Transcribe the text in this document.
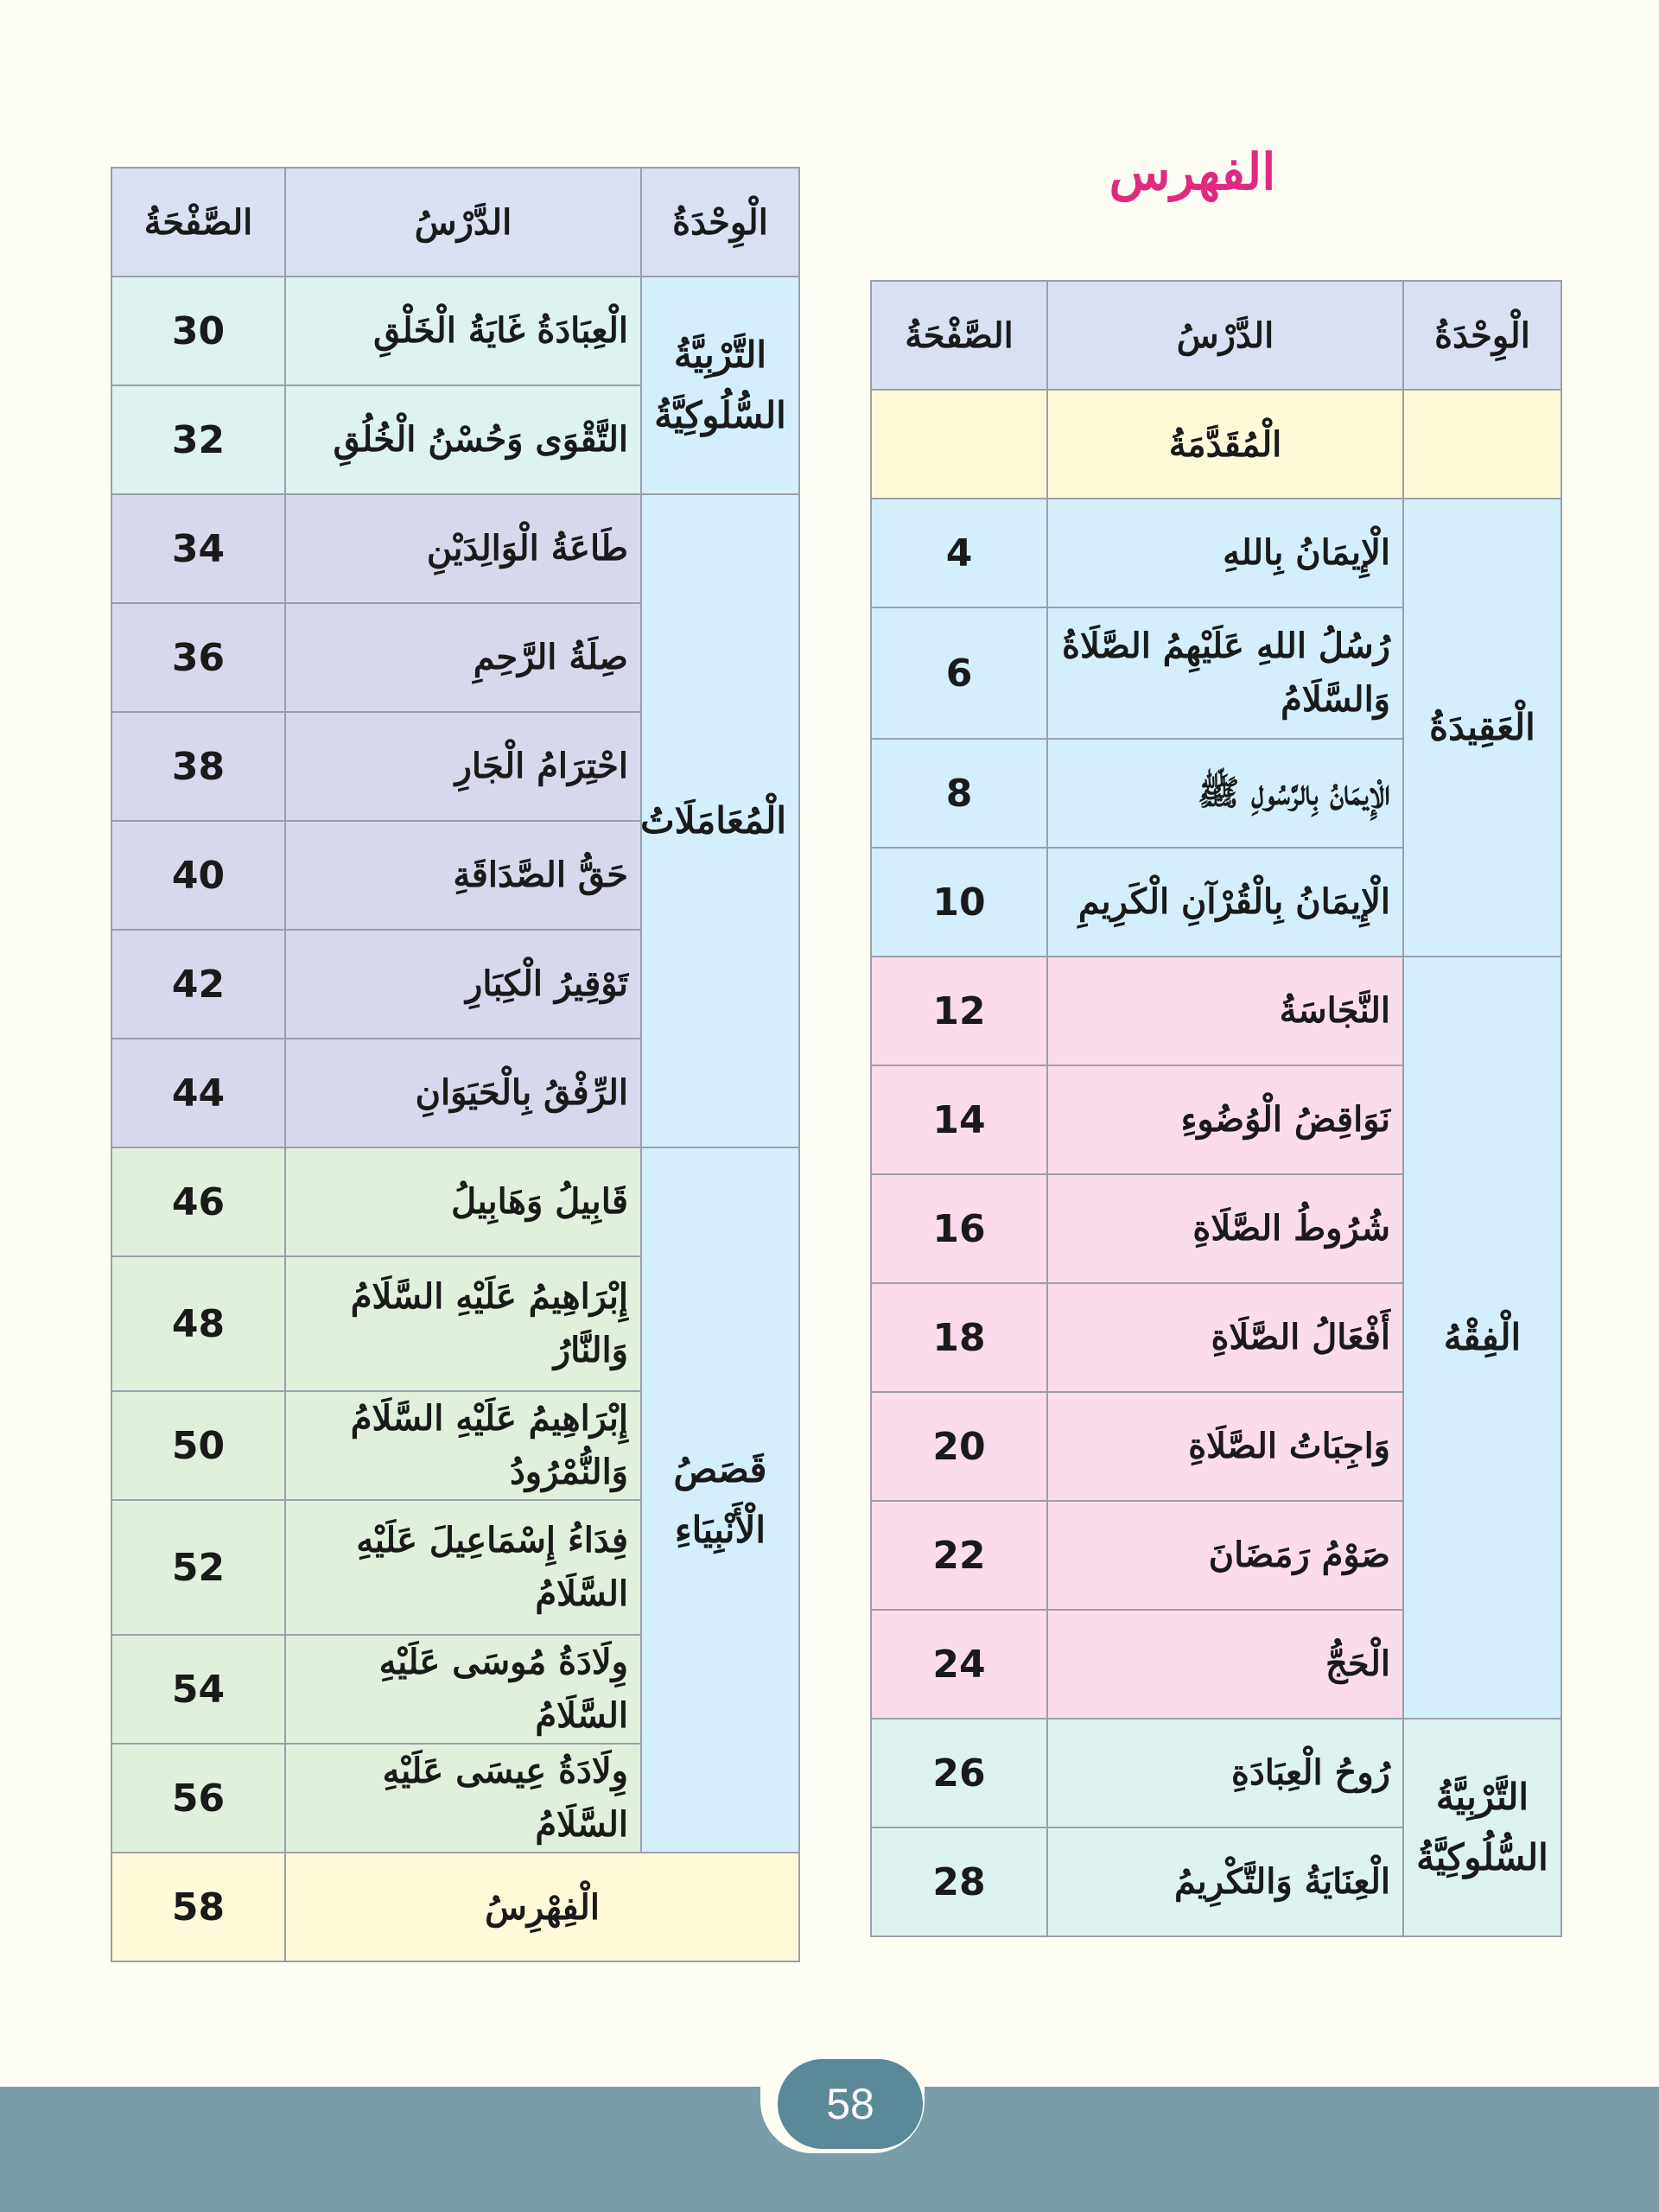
الفهرس
الْوِحْدَةُ	الدَّرْسُ	الصَّفْحَةُ
	الْمُقَدَّمَةُ	
الْعَقِيدَةُ	الْإِيمَانُ بِاللهِ	4
	رُسُلُ اللهِ عَلَيْهِمُ الصَّلَاةُ وَالسَّلَامُ	6
	الْإِيمَانُ بِالرَّسُولِ ﷺ	8
	الْإِيمَانُ بِالْقُرْآنِ الْكَرِيمِ	10
الْفِقْهُ	النَّجَاسَةُ	12
	نَوَاقِضُ الْوُضُوءِ	14
	شُرُوطُ الصَّلَاةِ	16
	أَفْعَالُ الصَّلَاةِ	18
	وَاجِبَاتُ الصَّلَاةِ	20
	صَوْمُ رَمَضَانَ	22
	الْحَجُّ	24
التَّرْبِيَّةُ السُّلُوكِيَّةُ	رُوحُ الْعِبَادَةِ	26
	الْعِنَايَةُ وَالتَّكْرِيمُ	28
الْوِحْدَةُ	الدَّرْسُ	الصَّفْحَةُ
التَّرْبِيَّةُ السُّلُوكِيَّةُ	الْعِبَادَةُ غَايَةُ الْخَلْقِ	30
	التَّقْوَى وَحُسْنُ الْخُلُقِ	32
الْمُعَامَلَاتُ	طَاعَةُ الْوَالِدَيْنِ	34
	صِلَةُ الرَّحِمِ	36
	احْتِرَامُ الْجَارِ	38
	حَقُّ الصَّدَاقَةِ	40
	تَوْقِيرُ الْكِبَارِ	42
	الرِّفْقُ بِالْحَيَوَانِ	44
قَصَصُ الْأَنْبِيَاءِ	قَابِيلُ وَهَابِيلُ	46
	إِبْرَاهِيمُ عَلَيْهِ السَّلَامُ وَالنَّارُ	48
	إِبْرَاهِيمُ عَلَيْهِ السَّلَامُ وَالنُّمْرُودُ	50
	فِدَاءُ إِسْمَاعِيلَ عَلَيْهِ السَّلَامُ	52
	وِلَادَةُ مُوسَى عَلَيْهِ السَّلَامُ	54
	وِلَادَةُ عِيسَى عَلَيْهِ السَّلَامُ	56
الْفِهْرِسُ		58
58
